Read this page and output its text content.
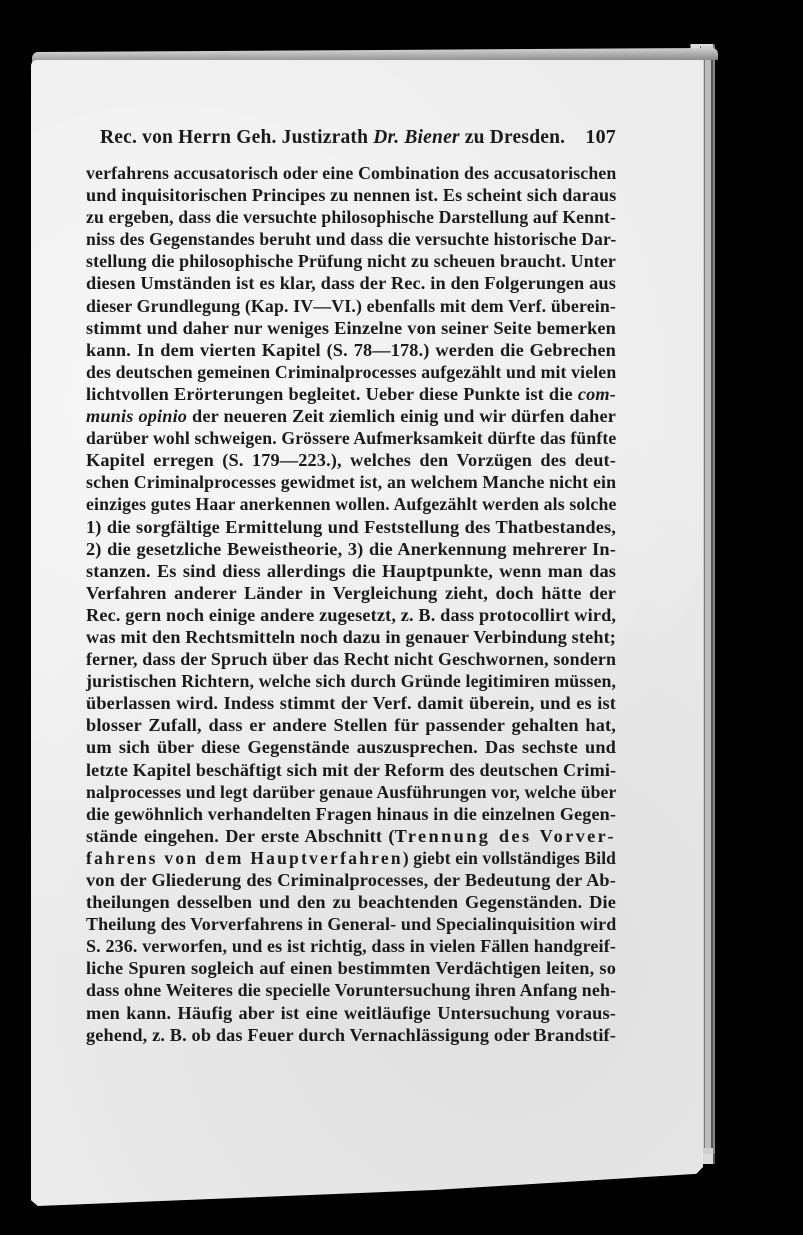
Rec. von Herrn Geh. Justizrath Dr. Biener zu Dresden. 107
verfahrens accusatorisch oder eine Combination des accusatorischen
und inquisitorischen Principes zu nennen ist. Es scheint sich daraus
zu ergeben, dass die versuchte philosophische Darstellung auf Kennt-
niss des Gegenstandes beruht und dass die versuchte historische Dar-
stellung die philosophische Prüfung nicht zu scheuen braucht. Unter
diesen Umständen ist es klar, dass der Rec. in den Folgerungen aus
dieser Grundlegung (Kap. IV—VI.) ebenfalls mit dem Verf. überein-
stimmt und daher nur weniges Einzelne von seiner Seite bemerken
kann. In dem vierten Kapitel (S. 78—178.) werden die Gebrechen
des deutschen gemeinen Criminalprocesses aufgezählt und mit vielen
lichtvollen Erörterungen begleitet. Ueber diese Punkte ist die com-
munis opinio der neueren Zeit ziemlich einig und wir dürfen daher
darüber wohl schweigen. Grössere Aufmerksamkeit dürfte das fünfte
Kapitel erregen (S. 179—223.), welches den Vorzügen des deut-
schen Criminalprocesses gewidmet ist, an welchem Manche nicht ein
einziges gutes Haar anerkennen wollen. Aufgezählt werden als solche
1) die sorgfältige Ermittelung und Feststellung des Thatbestandes,
2) die gesetzliche Beweistheorie, 3) die Anerkennung mehrerer In-
stanzen. Es sind diess allerdings die Hauptpunkte, wenn man das
Verfahren anderer Länder in Vergleichung zieht, doch hätte der
Rec. gern noch einige andere zugesetzt, z. B. dass protocollirt wird,
was mit den Rechtsmitteln noch dazu in genauer Verbindung steht;
ferner, dass der Spruch über das Recht nicht Geschwornen, sondern
juristischen Richtern, welche sich durch Gründe legitimiren müssen,
überlassen wird. Indess stimmt der Verf. damit überein, und es ist
blosser Zufall, dass er andere Stellen für passender gehalten hat,
um sich über diese Gegenstände auszusprechen. Das sechste und
letzte Kapitel beschäftigt sich mit der Reform des deutschen Crimi-
nalprocesses und legt darüber genaue Ausführungen vor, welche über
die gewöhnlich verhandelten Fragen hinaus in die einzelnen Gegen-
stände eingehen. Der erste Abschnitt (Trennung des Vorver-
fahrens von dem Hauptverfahren) giebt ein vollständiges Bild
von der Gliederung des Criminalprocesses, der Bedeutung der Ab-
theilungen desselben und den zu beachtenden Gegenständen. Die
Theilung des Vorverfahrens in General- und Specialinquisition wird
S. 236. verworfen, und es ist richtig, dass in vielen Fällen handgreif-
liche Spuren sogleich auf einen bestimmten Verdächtigen leiten, so
dass ohne Weiteres die specielle Voruntersuchung ihren Anfang neh-
men kann. Häufig aber ist eine weitläufige Untersuchung voraus-
gehend, z. B. ob das Feuer durch Vernachlässigung oder Brandstif-
